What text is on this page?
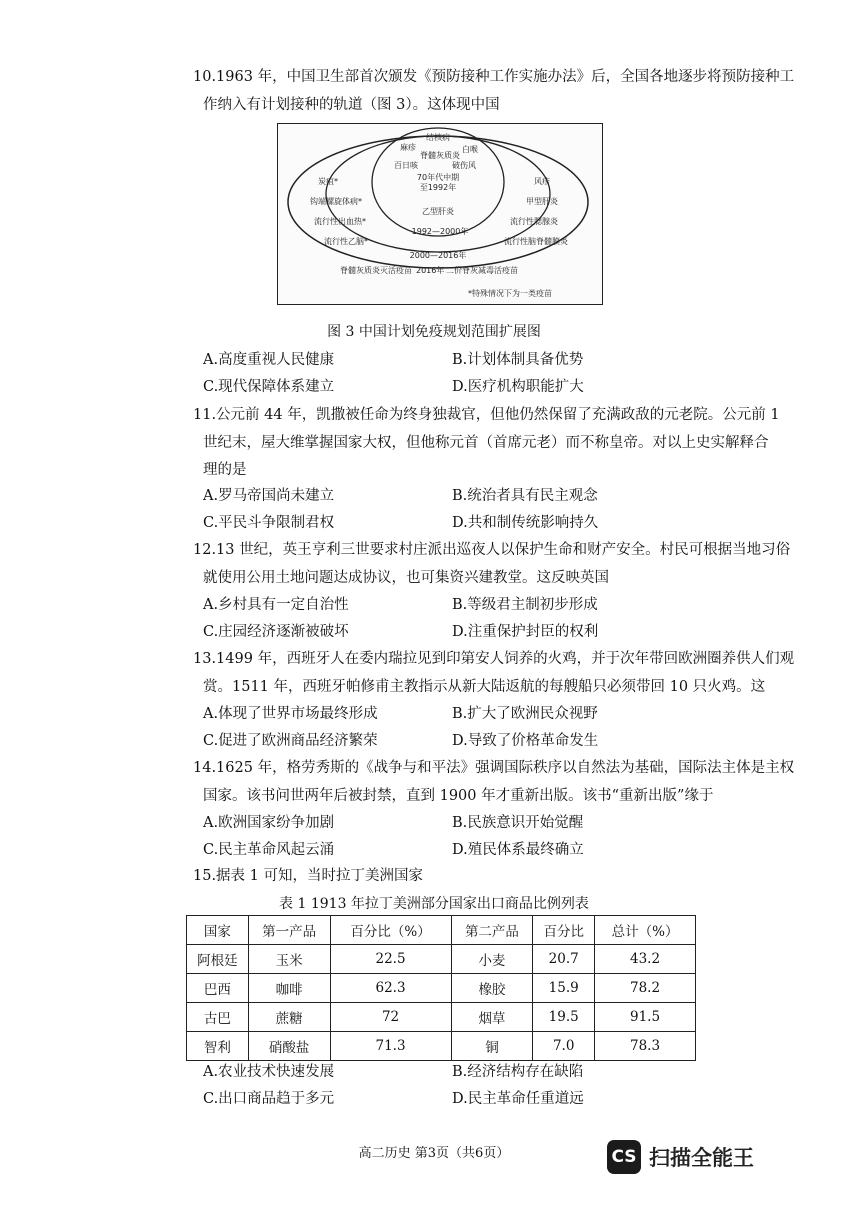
10.1963 年，中国卫生部首次颁发《预防接种工作实施办法》后，全国各地逐步将预防接种工
作纳入有计划接种的轨道（图 3）。这体现中国
结核病
麻疹	白喉
脊髓灰质炎
百日咳	破伤风
70年代中期
至1992年
乙型肝炎
1992—2000年
炭疽*
钩端螺旋体病*
流行性出血热*
流行性乙脑*
风疹
甲型肝炎
流行性腮腺炎
流行性脑脊髓膜炎
2000—2016年
脊髓灰质炎灭活疫苗 2016年 二价脊灰减毒活疫苗
*特殊情况下为一类疫苗
图 3 中国计划免疫规划范围扩展图
A.高度重视人民健康	B.计划体制具备优势
C.现代保障体系建立	D.医疗机构职能扩大
11.公元前 44 年，凯撒被任命为终身独裁官，但他仍然保留了充满政敌的元老院。公元前 1
世纪末，屋大维掌握国家大权，但他称元首（首席元老）而不称皇帝。对以上史实解释合
理的是
A.罗马帝国尚未建立	B.统治者具有民主观念
C.平民斗争限制君权	D.共和制传统影响持久
12.13 世纪，英王亨利三世要求村庄派出巡夜人以保护生命和财产安全。村民可根据当地习俗
就使用公用土地问题达成协议，也可集资兴建教堂。这反映英国
A.乡村具有一定自治性	B.等级君主制初步形成
C.庄园经济逐渐被破坏	D.注重保护封臣的权利
13.1499 年，西班牙人在委内瑞拉见到印第安人饲养的火鸡，并于次年带回欧洲圈养供人们观
赏。1511 年，西班牙帕修甫主教指示从新大陆返航的每艘船只必须带回 10 只火鸡。这
A.体现了世界市场最终形成	B.扩大了欧洲民众视野
C.促进了欧洲商品经济繁荣	D.导致了价格革命发生
14.1625 年，格劳秀斯的《战争与和平法》强调国际秩序以自然法为基础，国际法主体是主权
国家。该书问世两年后被封禁，直到 1900 年才重新出版。该书“重新出版”缘于
A.欧洲国家纷争加剧	B.民族意识开始觉醒
C.民主革命风起云涌	D.殖民体系最终确立
15.据表 1 可知，当时拉丁美洲国家
表 1 1913 年拉丁美洲部分国家出口商品比例列表
国家	第一产品	百分比（%）	第二产品	百分比	总计（%）
阿根廷	玉米	22.5	小麦	20.7	43.2
巴西	咖啡	62.3	橡胶	15.9	78.2
古巴	蔗糖	72	烟草	19.5	91.5
智利	硝酸盐	71.3	铜	7.0	78.3
A.农业技术快速发展	B.经济结构存在缺陷
C.出口商品趋于多元	D.民主革命任重道远
高二历史 第3页（共6页）	CS 扫描全能王
